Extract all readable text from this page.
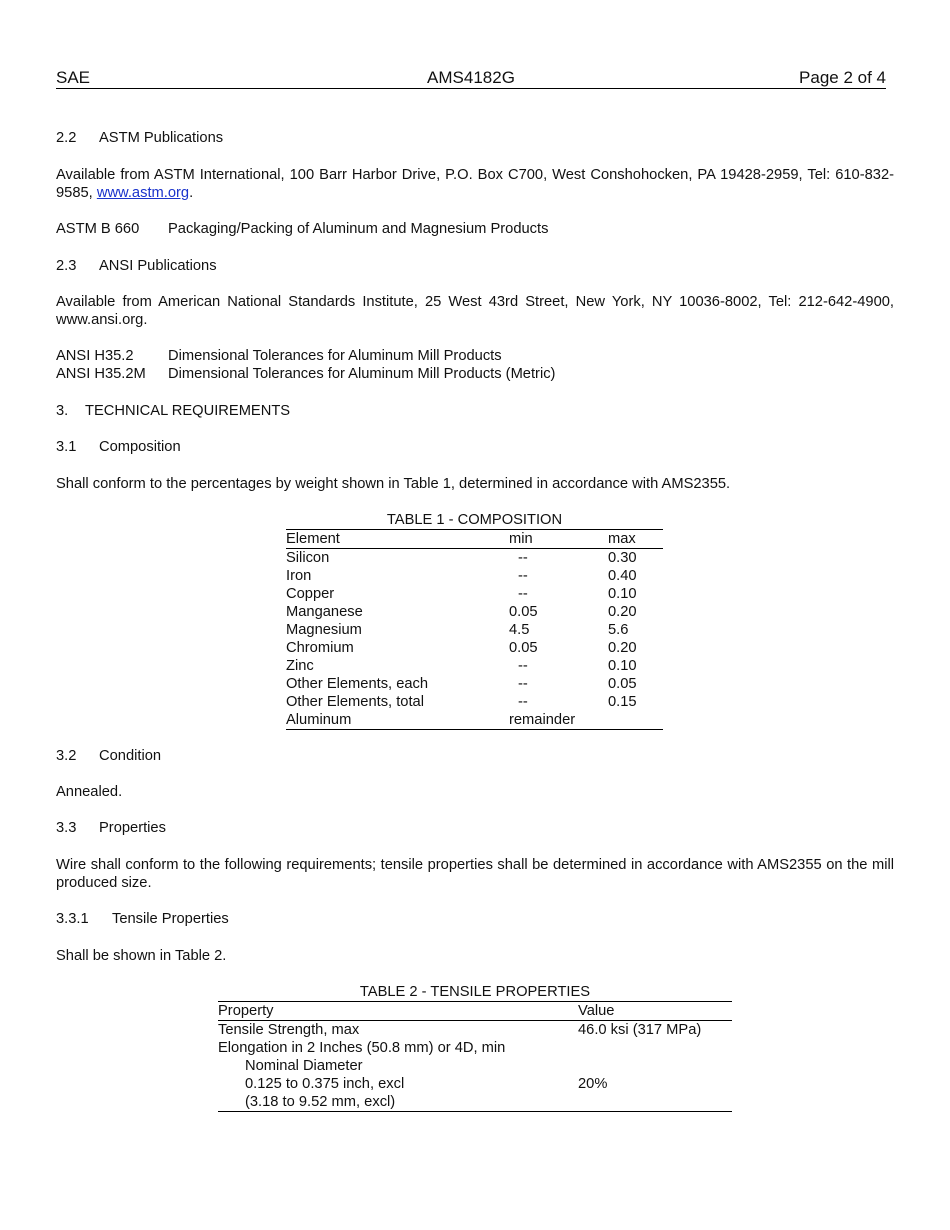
SAE	AMS4182G	Page 2 of 4
2.2 ASTM Publications
Available from ASTM International, 100 Barr Harbor Drive, P.O. Box C700, West Conshohocken, PA 19428-2959, Tel: 610-832-9585, www.astm.org.
ASTM B 660 Packaging/Packing of Aluminum and Magnesium Products
2.3 ANSI Publications
Available from American National Standards Institute, 25 West 43rd Street, New York, NY 10036-8002, Tel: 212-642-4900, www.ansi.org.
ANSI H35.2 Dimensional Tolerances for Aluminum Mill Products
ANSI H35.2M Dimensional Tolerances for Aluminum Mill Products (Metric)
3. TECHNICAL REQUIREMENTS
3.1 Composition
Shall conform to the percentages by weight shown in Table 1, determined in accordance with AMS2355.
TABLE 1 - COMPOSITION
Element	min	max
Silicon	--	0.30
Iron	--	0.40
Copper	--	0.10
Manganese	0.05	0.20
Magnesium	4.5	5.6
Chromium	0.05	0.20
Zinc	--	0.10
Other Elements, each	--	0.05
Other Elements, total	--	0.15
Aluminum	remainder
3.2 Condition
Annealed.
3.3 Properties
Wire shall conform to the following requirements; tensile properties shall be determined in accordance with AMS2355 on the mill produced size.
3.3.1 Tensile Properties
Shall be shown in Table 2.
TABLE 2 - TENSILE PROPERTIES
Property	Value
Tensile Strength, max	46.0 ksi (317 MPa)
Elongation in 2 Inches (50.8 mm) or 4D, min
Nominal Diameter
0.125 to 0.375 inch, excl	20%
(3.18 to 9.52 mm, excl)
